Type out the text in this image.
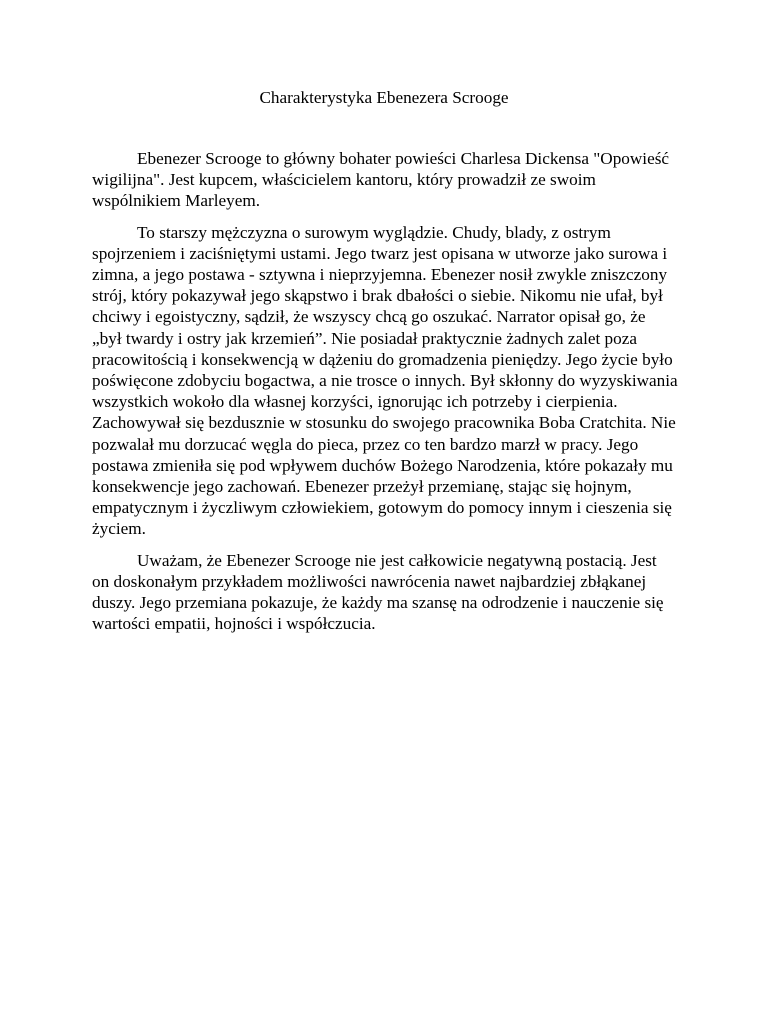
Charakterystyka Ebenezera Scrooge

Ebenezer Scrooge to główny bohater powieści Charlesa Dickensa "Opowieść wigilijna". Jest kupcem, właścicielem kantoru, który prowadził ze swoim wspólnikiem Marleyem.

To starszy mężczyzna o surowym wyglądzie. Chudy, blady, z ostrym spojrzeniem i zaciśniętymi ustami. Jego twarz jest opisana w utworze jako surowa i zimna, a jego postawa - sztywna i nieprzyjemna. Ebenezer nosił zwykle zniszczony strój, który pokazywał jego skąpstwo i brak dbałości o siebie. Nikomu nie ufał, był chciwy i egoistyczny, sądził, że wszyscy chcą go oszukać. Narrator opisał go, że „był twardy i ostry jak krzemień”. Nie posiadał praktycznie żadnych zalet poza pracowitością i konsekwencją w dążeniu do gromadzenia pieniędzy. Jego życie było poświęcone zdobyciu bogactwa, a nie trosce o innych. Był skłonny do wyzyskiwania wszystkich wokoło dla własnej korzyści, ignorując ich potrzeby i cierpienia. Zachowywał się bezdusznie w stosunku do swojego pracownika Boba Cratchita. Nie pozwalał mu dorzucać węgla do pieca, przez co ten bardzo marzł w pracy. Jego postawa zmieniła się pod wpływem duchów Bożego Narodzenia, które pokazały mu konsekwencje jego zachowań. Ebenezer przeżył przemianę, stając się hojnym, empatycznym i życzliwym człowiekiem, gotowym do pomocy innym i cieszenia się życiem.

Uważam, że Ebenezer Scrooge nie jest całkowicie negatywną postacią. Jest on doskonałym przykładem możliwości nawrócenia nawet najbardziej zbłąkanej duszy. Jego przemiana pokazuje, że każdy ma szansę na odrodzenie i nauczenie się wartości empatii, hojności i współczucia.
